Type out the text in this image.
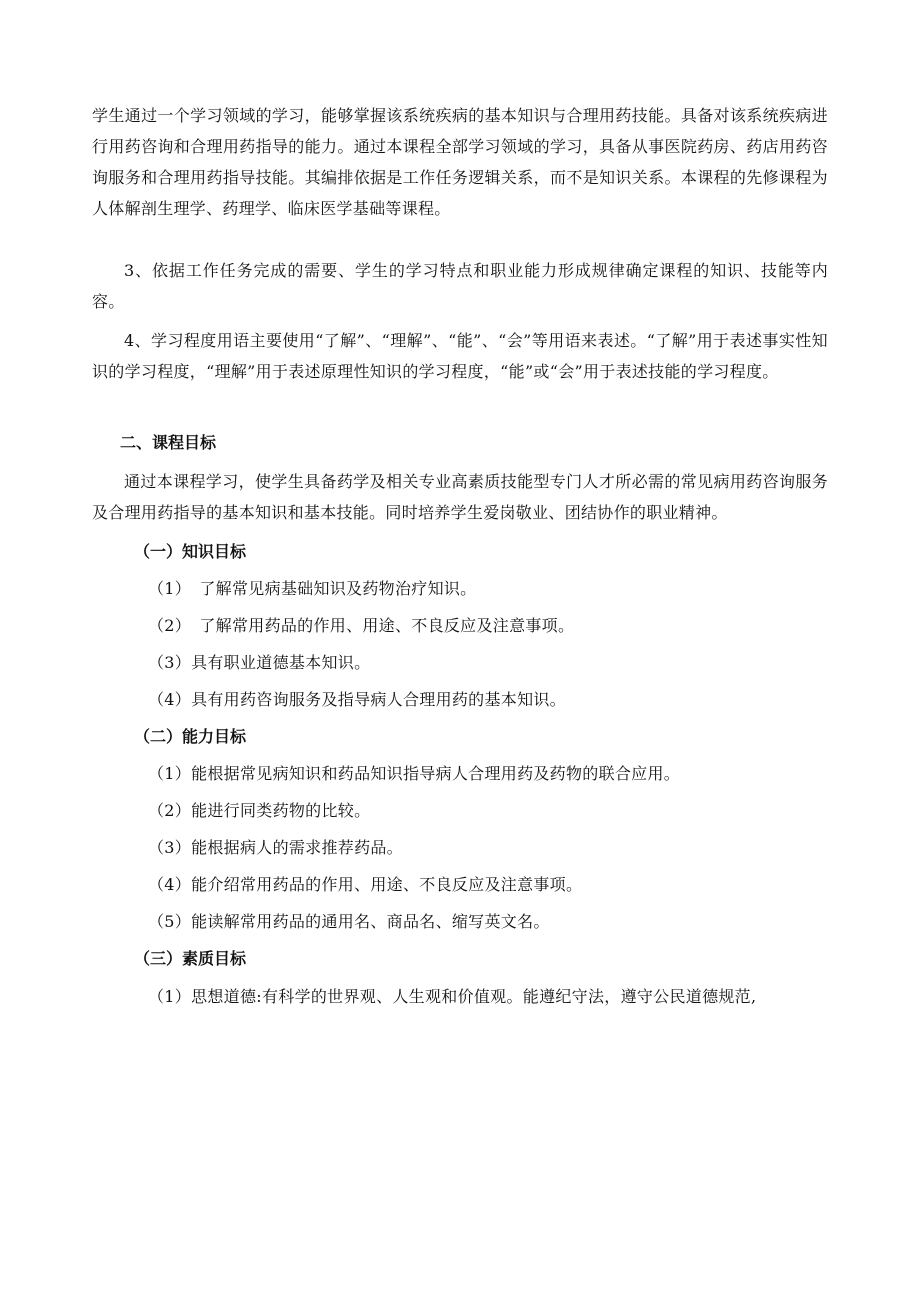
学生通过一个学习领域的学习，能够掌握该系统疾病的基本知识与合理用药技能。具备对该系统疾病进行用药咨询和合理用药指导的能力。通过本课程全部学习领域的学习，具备从事医院药房、药店用药咨询服务和合理用药指导技能。其编排依据是工作任务逻辑关系，而不是知识关系。本课程的先修课程为人体解剖生理学、药理学、临床医学基础等课程。
3、依据工作任务完成的需要、学生的学习特点和职业能力形成规律确定课程的知识、技能等内容。
4、学习程度用语主要使用“了解”、“理解”、“能”、“会”等用语来表述。“了解”用于表述事实性知识的学习程度，“理解”用于表述原理性知识的学习程度，“能”或“会”用于表述技能的学习程度。
二、课程目标
通过本课程学习，使学生具备药学及相关专业高素质技能型专门人才所必需的常见病用药咨询服务及合理用药指导的基本知识和基本技能。同时培养学生爱岗敬业、团结协作的职业精神。
（一）知识目标
（1）　了解常见病基础知识及药物治疗知识。
（2）　了解常用药品的作用、用途、不良反应及注意事项。
（3）具有职业道德基本知识。
（4）具有用药咨询服务及指导病人合理用药的基本知识。
（二）能力目标
（1）能根据常见病知识和药品知识指导病人合理用药及药物的联合应用。
（2）能进行同类药物的比较。
（3）能根据病人的需求推荐药品。
（4）能介绍常用药品的作用、用途、不良反应及注意事项。
（5）能读解常用药品的通用名、商品名、缩写英文名。
（三）素质目标
（1）思想道德:有科学的世界观、人生观和价值观。能遵纪守法，遵守公民道德规范,
